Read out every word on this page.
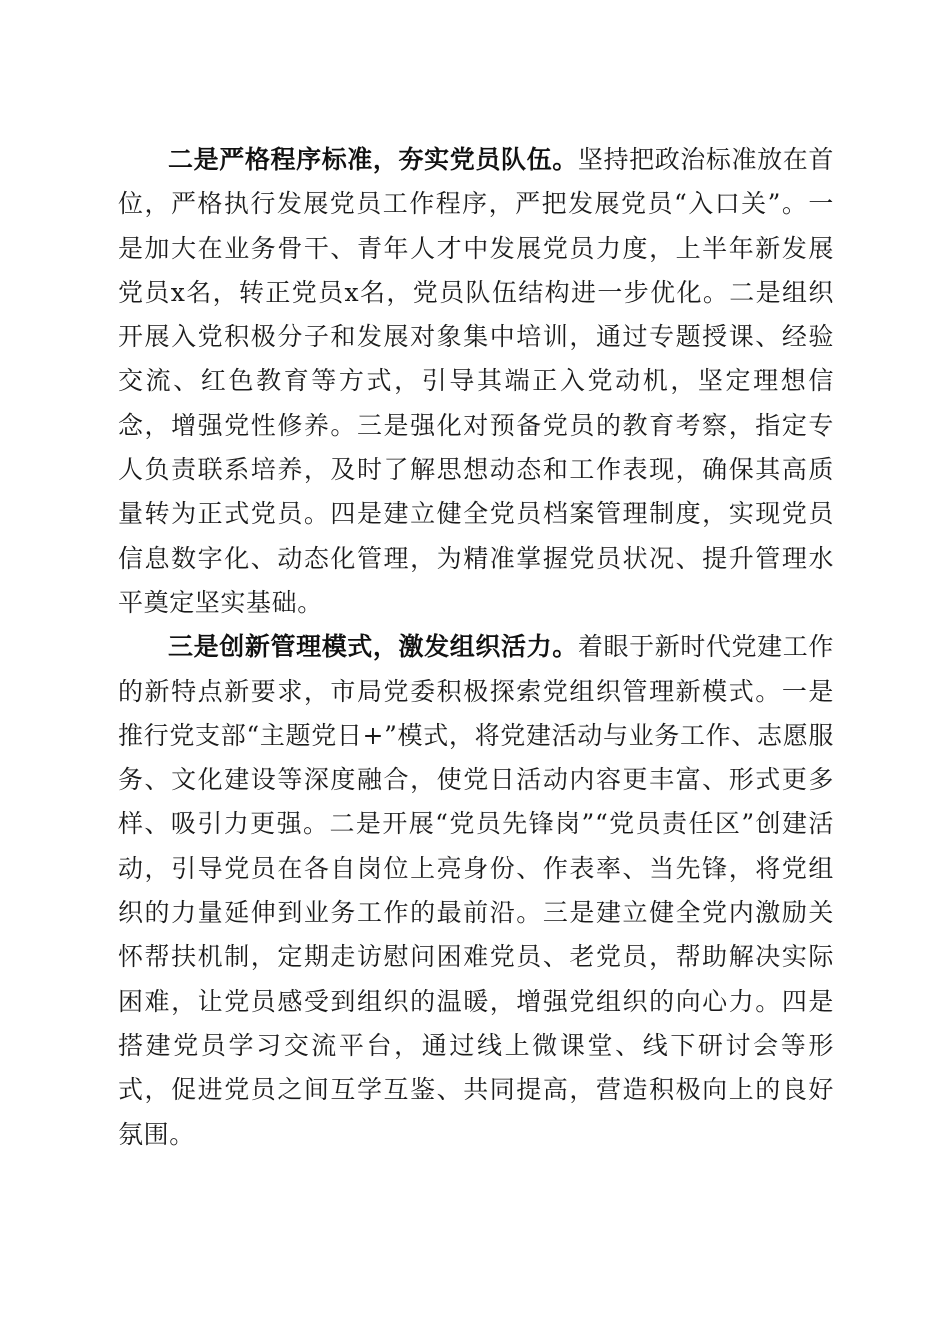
二是严格程序标准，夯实党员队伍。坚持把政治标准放在首位，严格执行发展党员工作程序，严把发展党员“入口关”。一是加大在业务骨干、青年人才中发展党员力度，上半年新发展党员x名，转正党员x名，党员队伍结构进一步优化。二是组织开展入党积极分子和发展对象集中培训，通过专题授课、经验交流、红色教育等方式，引导其端正入党动机，坚定理想信念，增强党性修养。三是强化对预备党员的教育考察，指定专人负责联系培养，及时了解思想动态和工作表现，确保其高质量转为正式党员。四是建立健全党员档案管理制度，实现党员信息数字化、动态化管理，为精准掌握党员状况、提升管理水平奠定坚实基础。

三是创新管理模式，激发组织活力。着眼于新时代党建工作的新特点新要求，市局党委积极探索党组织管理新模式。一是推行党支部“主题党日+”模式，将党建活动与业务工作、志愿服务、文化建设等深度融合，使党日活动内容更丰富、形式更多样、吸引力更强。二是开展“党员先锋岗”“党员责任区”创建活动，引导党员在各自岗位上亮身份、作表率、当先锋，将党组织的力量延伸到业务工作的最前沿。三是建立健全党内激励关怀帮扶机制，定期走访慰问困难党员、老党员，帮助解决实际困难，让党员感受到组织的温暖，增强党组织的向心力。四是搭建党员学习交流平台，通过线上微课堂、线下研讨会等形式，促进党员之间互学互鉴、共同提高，营造积极向上的良好氛围。
